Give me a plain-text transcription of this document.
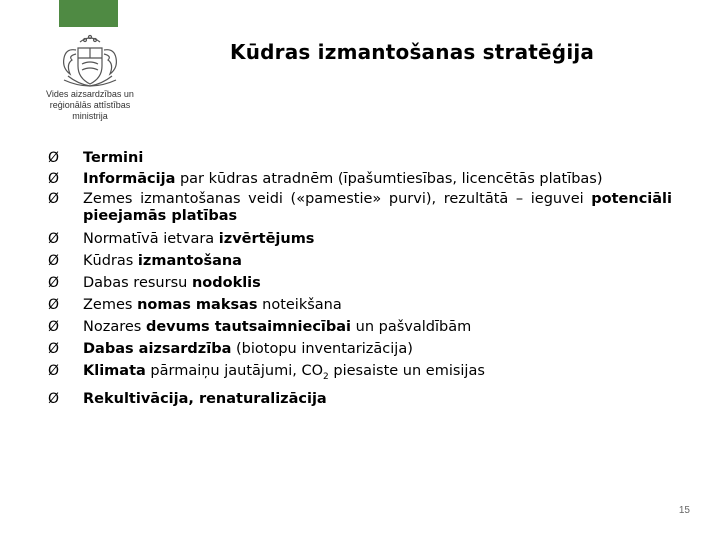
Vides aizsardzības un
reģionālās attīstības
ministrija
Kūdras izmantošanas stratēģija
Ø	Termini
Ø	Informācija par kūdras atradnēm (īpašumtiesības, licencētās platības)
Ø	Zemes izmantošanas veidi («pamestie» purvi), rezultātā – ieguvei potenciāli pieejamās platības
Ø	Normatīvā ietvara izvērtējums
Ø	Kūdras izmantošana
Ø	Dabas resursu nodoklis
Ø	Zemes nomas maksas noteikšana
Ø	Nozares devums tautsaimniecībai un pašvaldībām
Ø	Dabas aizsardzība (biotopu inventarizācija)
Ø	Klimata pārmaiņu jautājumi, $CO_2$ piesaiste un emisijas
Ø	Rekultivācija, renaturalizācija
15
